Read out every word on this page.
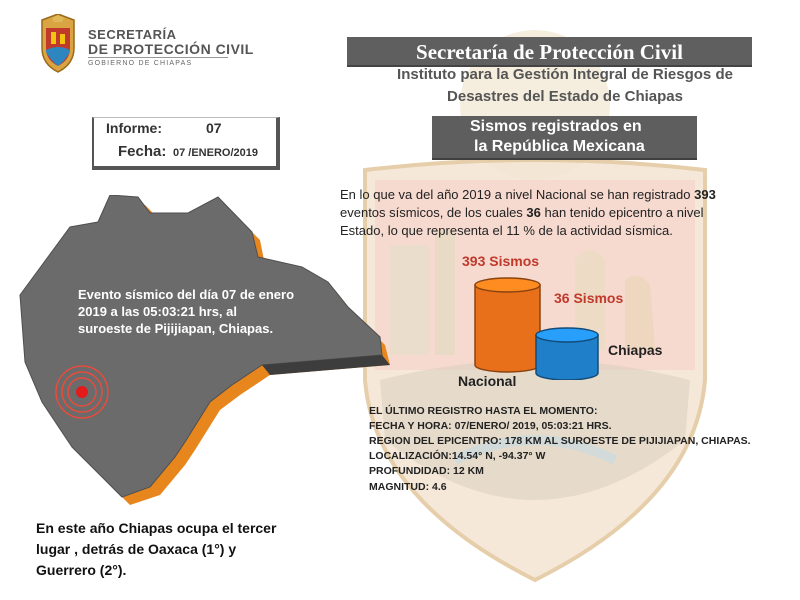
SECRETARÍA
DE PROTECCIÓN CIVIL
GOBIERNO DE CHIAPAS	Secretaría de Protección Civil
Instituto para la Gestión Integral de Riesgos de
Desastres del Estado de Chiapas
Sismos registrados en
la República Mexicana
Informe:	07
Fecha: 07 /ENERO/2019
Evento sísmico del día 07 de enero
2019 a las 05:03:21 hrs, al
suroeste de Pijijiapan, Chiapas.
En lo que va del año 2019 a nivel Nacional se han registrado 393
eventos sísmicos, de los cuales 36 han tenido epicentro a nivel
Estado, lo que representa el 11 % de la actividad sísmica.
393 Sismos
36 Sismos
Chiapas
Nacional
EL ÚLTIMO REGISTRO HASTA EL MOMENTO:
FECHA Y HORA: 07/ENERO/ 2019, 05:03:21 HRS.
REGION DEL EPICENTRO: 178 KM AL SUROESTE DE PIJIJIAPAN, CHIAPAS.
LOCALIZACIÓN:14.54° N, -94.37° W
PROFUNDIDAD: 12 KM
MAGNITUD: 4.6
En este año Chiapas ocupa el tercer
lugar , detrás de Oaxaca (1°) y
Guerrero (2°).
